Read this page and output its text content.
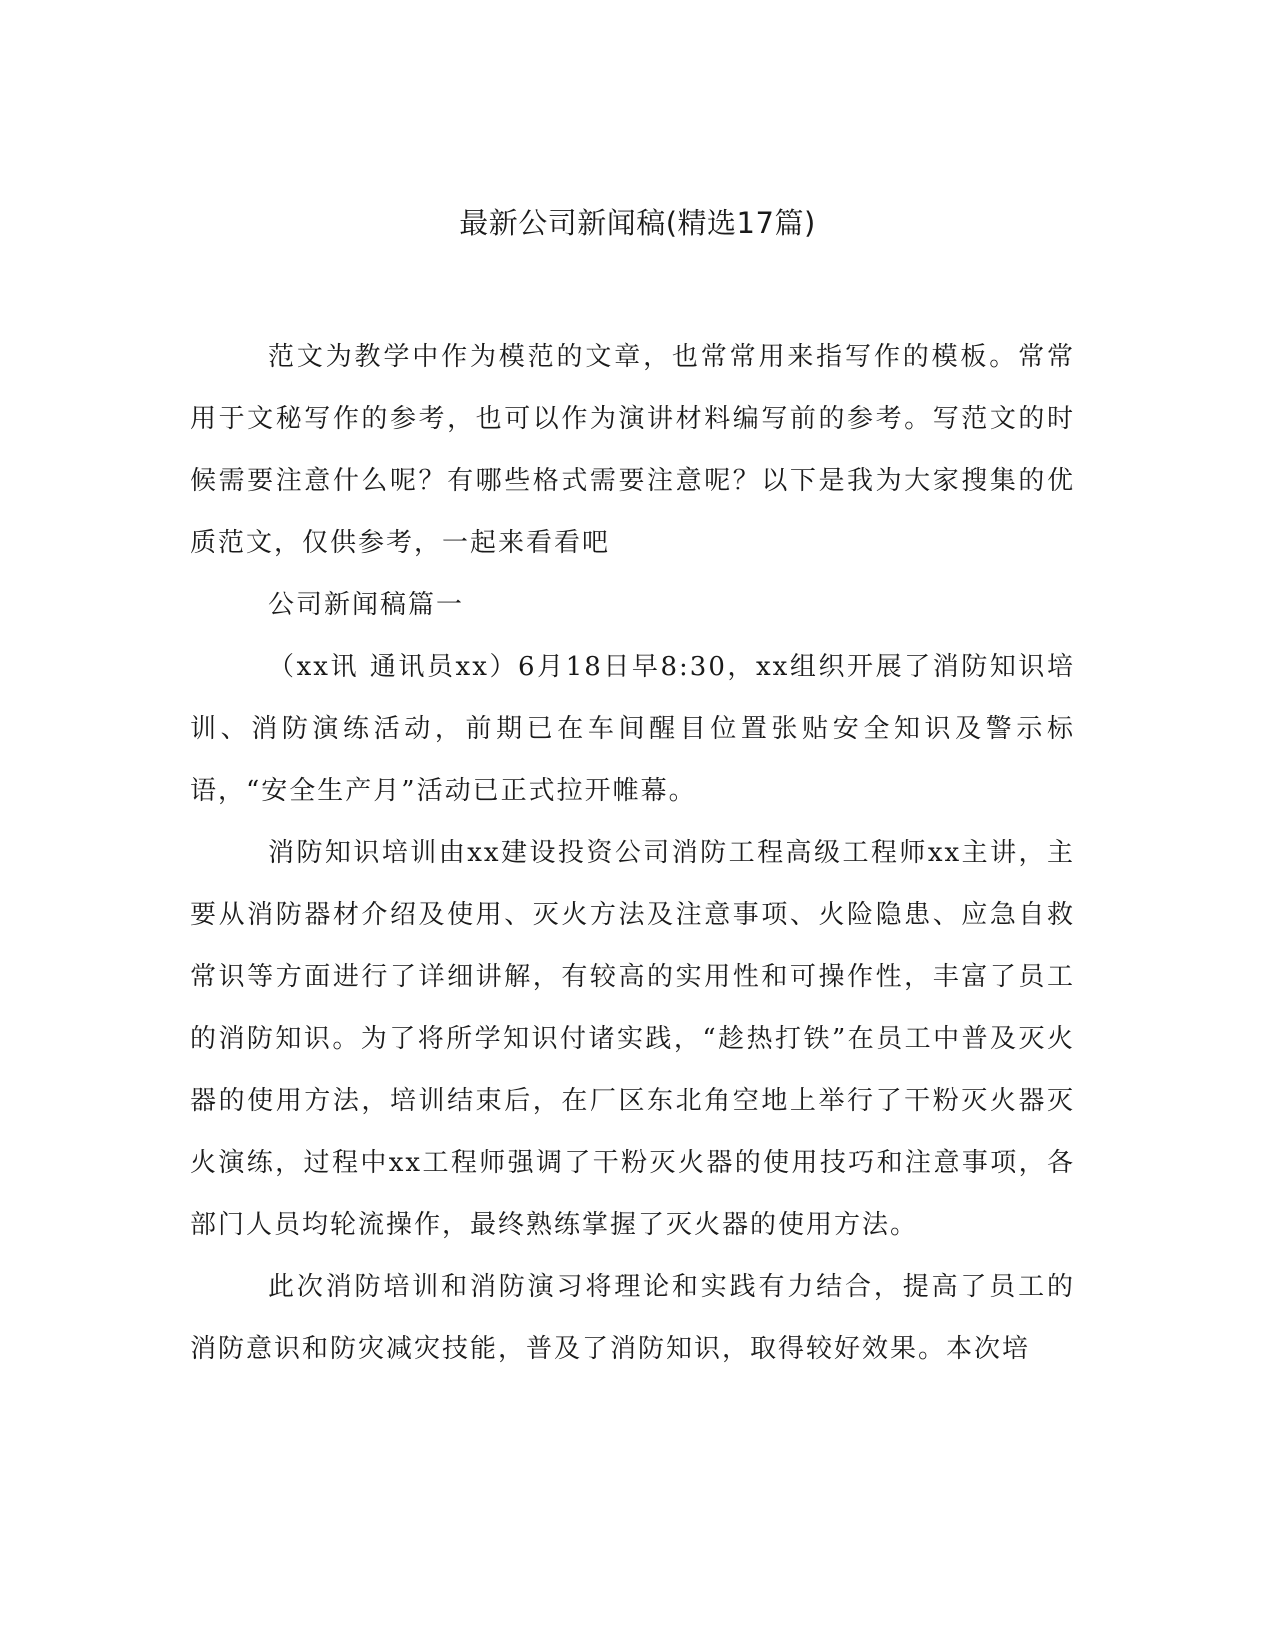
最新公司新闻稿(精选17篇)

范文为教学中作为模范的文章，也常常用来指写作的模板。常常用于文秘写作的参考，也可以作为演讲材料编写前的参考。写范文的时候需要注意什么呢？有哪些格式需要注意呢？以下是我为大家搜集的优质范文，仅供参考，一起来看看吧

公司新闻稿篇一

（xx讯 通讯员xx）6月18日早8:30，xx组织开展了消防知识培训、消防演练活动，前期已在车间醒目位置张贴安全知识及警示标语，“安全生产月”活动已正式拉开帷幕。

消防知识培训由xx建设投资公司消防工程高级工程师xx主讲，主要从消防器材介绍及使用、灭火方法及注意事项、火险隐患、应急自救常识等方面进行了详细讲解，有较高的实用性和可操作性，丰富了员工的消防知识。为了将所学知识付诸实践，“趁热打铁”在员工中普及灭火器的使用方法，培训结束后，在厂区东北角空地上举行了干粉灭火器灭火演练，过程中xx工程师强调了干粉灭火器的使用技巧和注意事项，各部门人员均轮流操作，最终熟练掌握了灭火器的使用方法。

此次消防培训和消防演习将理论和实践有力结合，提高了员工的消防意识和防灾减灾技能，普及了消防知识，取得较好效果。本次培
